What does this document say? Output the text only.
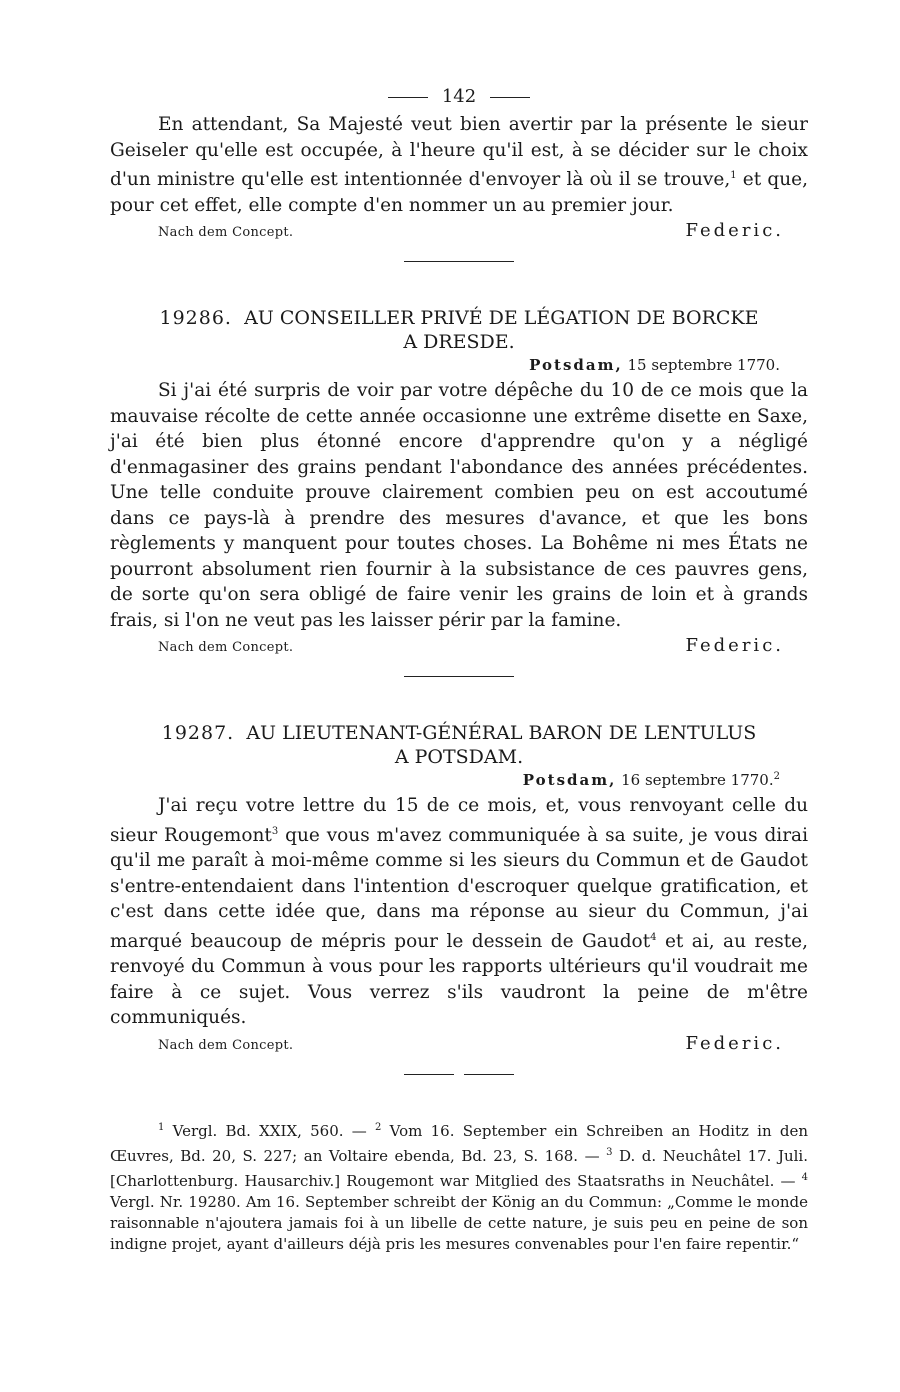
142

En attendant, Sa Majesté veut bien avertir par la présente le sieur Geiseler qu'elle est occupée, à l'heure qu'il est, à se décider sur le choix d'un ministre qu'elle est intentionnée d'envoyer là où il se trouve,$^1$ et que, pour cet effet, elle compte d'en nommer un au premier jour.

Nach dem Concept.	Federic.
19286. AU CONSEILLER PRIVÉ DE LÉGATION DE BORCKE
A DRESDE.
Potsdam, 15 septembre 1770.

Si j'ai été surpris de voir par votre dépêche du 10 de ce mois que la mauvaise récolte de cette année occasionne une extrême disette en Saxe, j'ai été bien plus étonné encore d'apprendre qu'on y a négligé d'enmagasiner des grains pendant l'abondance des années précédentes. Une telle conduite prouve clairement combien peu on est accoutumé dans ce pays-là à prendre des mesures d'avance, et que les bons règlements y manquent pour toutes choses. La Bohême ni mes États ne pourront absolument rien fournir à la subsistance de ces pauvres gens, de sorte qu'on sera obligé de faire venir les grains de loin et à grands frais, si l'on ne veut pas les laisser périr par la famine.

Nach dem Concept.	Federic.
19287. AU LIEUTENANT-GÉNÉRAL BARON DE LENTULUS
A POTSDAM.
Potsdam, 16 septembre 1770.$^2$

J'ai reçu votre lettre du 15 de ce mois, et, vous renvoyant celle du sieur Rougemont$^3$ que vous m'avez communiquée à sa suite, je vous dirai qu'il me paraît à moi-même comme si les sieurs du Commun et de Gaudot s'entre-entendaient dans l'intention d'escroquer quelque gratification, et c'est dans cette idée que, dans ma réponse au sieur du Commun, j'ai marqué beaucoup de mépris pour le dessein de Gaudot$^4$ et ai, au reste, renvoyé du Commun à vous pour les rapports ultérieurs qu'il voudrait me faire à ce sujet. Vous verrez s'ils vaudront la peine de m'être communiqués.

Nach dem Concept.	Federic.
$^1$ Vergl. Bd. XXIX, 560. — $^2$ Vom 16. September ein Schreiben an Hoditz in den Œuvres, Bd. 20, S. 227; an Voltaire ebenda, Bd. 23, S. 168. — $^3$ D. d. Neuchâtel 17. Juli. [Charlottenburg. Hausarchiv.] Rougemont war Mitglied des Staatsraths in Neuchâtel. — $^4$ Vergl. Nr. 19280. Am 16. September schreibt der König an du Commun: „Comme le monde raisonnable n'ajoutera jamais foi à un libelle de cette nature, je suis peu en peine de son indigne projet, ayant d'ailleurs déjà pris les mesures convenables pour l'en faire repentir.“
